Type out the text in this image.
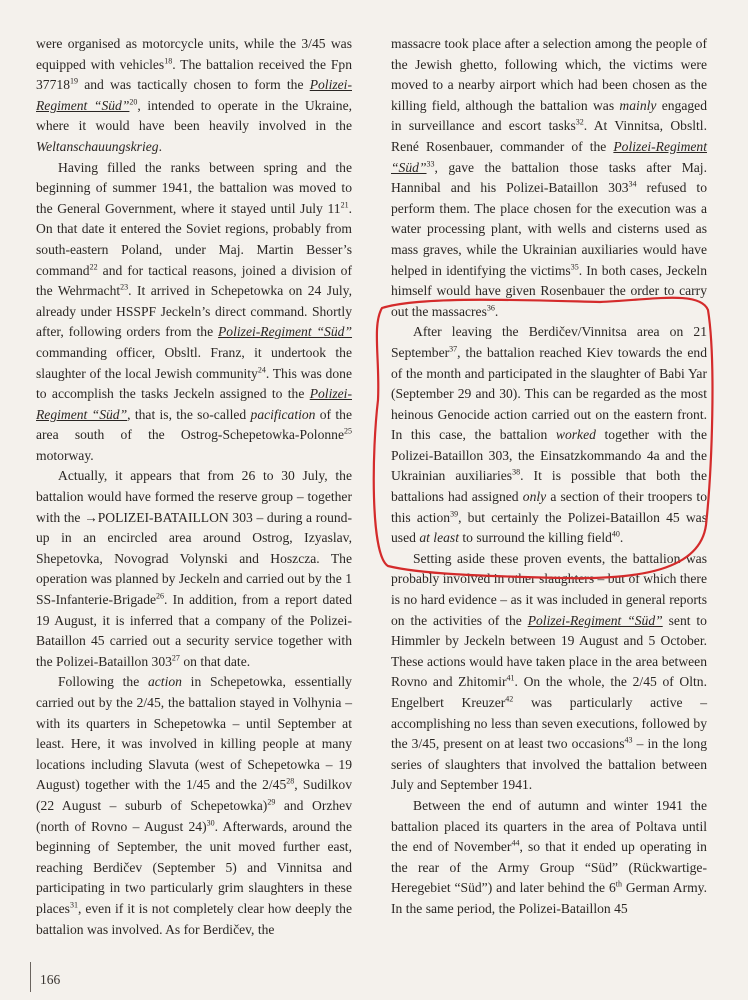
were organised as motorcycle units, while the 3/45 was equipped with vehicles$^{18}$. The battalion received the Fpn 37718$^{19}$ and was tactically chosen to form the Polizei-Regiment “Süd”$^{20}$, intended to operate in the Ukraine, where it would have been heavily involved in the Weltanschauungskrieg.

Having filled the ranks between spring and the beginning of summer 1941, the battalion was moved to the General Government, where it stayed until July $11^{21}$. On that date it entered the Soviet regions, probably from south-eastern Poland, under Maj. Martin Besser’s command$^{22}$ and for tactical reasons, joined a division of the Wehrmacht$^{23}$. It arrived in Schepetowka on 24 July, already under HSSPF Jeckeln’s direct command. Shortly after, following orders from the Polizei-Regiment “Süd” commanding officer, Obsltl. Franz, it undertook the slaughter of the local Jewish community$^{24}$. This was done to accomplish the tasks Jeckeln assigned to the Polizei-Regiment “Süd”, that is, the so-called pacification of the area south of the Ostrog-Schepetowka-Polonne$^{25}$ motorway.

Actually, it appears that from 26 to 30 July, the battalion would have formed the reserve group – together with the →POLIZEI-BATAILLON 303 – during a round-up in an encircled area around Ostrog, Izyaslav, Shepetovka, Novograd Volynski and Hoszcza. The operation was planned by Jeckeln and carried out by the 1 SS-Infanterie-Brigade$^{26}$. In addition, from a report dated 19 August, it is inferred that a company of the Polizei-Bataillon 45 carried out a security service together with the Polizei-Bataillon $303^{27}$ on that date.

Following the action in Schepetowka, essentially carried out by the 2/45, the battalion stayed in Volhynia – with its quarters in Schepetowka – until September at least. Here, it was involved in killing people at many locations including Slavuta (west of Schepetowka – 19 August) together with the 1/45 and the $2/45^{28}$, Sudilkov (22 August – suburb of Schepetowka)$^{29}$ and Orzhev (north of Rovno – August 24)$^{30}$. Afterwards, around the beginning of September, the unit moved further east, reaching Berdičev (September 5) and Vinnitsa and participating in two particularly grim slaughters in these places$^{31}$, even if it is not completely clear how deeply the battalion was involved. As for Berdičev, the

massacre took place after a selection among the people of the Jewish ghetto, following which, the victims were moved to a nearby airport which had been chosen as the killing field, although the battalion was mainly engaged in surveillance and escort tasks$^{32}$. At Vinnitsa, Obsltl. René Rosenbauer, commander of the Polizei-Regiment “Süd”$^{33}$, gave the battalion those tasks after Maj. Hannibal and his Polizei-Bataillon $303^{34}$ refused to perform them. The place chosen for the execution was a water processing plant, with wells and cisterns used as mass graves, while the Ukrainian auxiliaries would have helped in identifying the victims$^{35}$. In both cases, Jeckeln himself would have given Rosenbauer the order to carry out the massacres$^{36}$.

After leaving the Berdičev/Vinnitsa area on 21 September$^{37}$, the battalion reached Kiev towards the end of the month and participated in the slaughter of Babi Yar (September 29 and 30). This can be regarded as the most heinous Genocide action carried out on the eastern front. In this case, the battalion worked together with the Polizei-Bataillon 303, the Einsatzkommando 4a and the Ukrainian auxiliaries$^{38}$. It is possible that both the battalions had assigned only a section of their troopers to this action$^{39}$, but certainly the Polizei-Bataillon 45 was used at least to surround the killing field$^{40}$.

Setting aside these proven events, the battalion was probably involved in other slaughters – but of which there is no hard evidence – as it was included in general reports on the activities of the Polizei-Regiment “Süd” sent to Himmler by Jeckeln between 19 August and 5 October. These actions would have taken place in the area between Rovno and Zhitomir$^{41}$. On the whole, the 2/45 of Oltn. Engelbert Kreuzer$^{42}$ was particularly active – accomplishing no less than seven executions, followed by the 3/45, present on at least two occasions$^{43}$ – in the long series of slaughters that involved the battalion between July and September 1941.

Between the end of autumn and winter 1941 the battalion placed its quarters in the area of Poltava until the end of November$^{44}$, so that it ended up operating in the rear of the Army Group “Süd” (Rückwartige-Heregebiet “Süd”) and later behind the 6th German Army. In the same period, the Polizei-Bataillon 45

166
